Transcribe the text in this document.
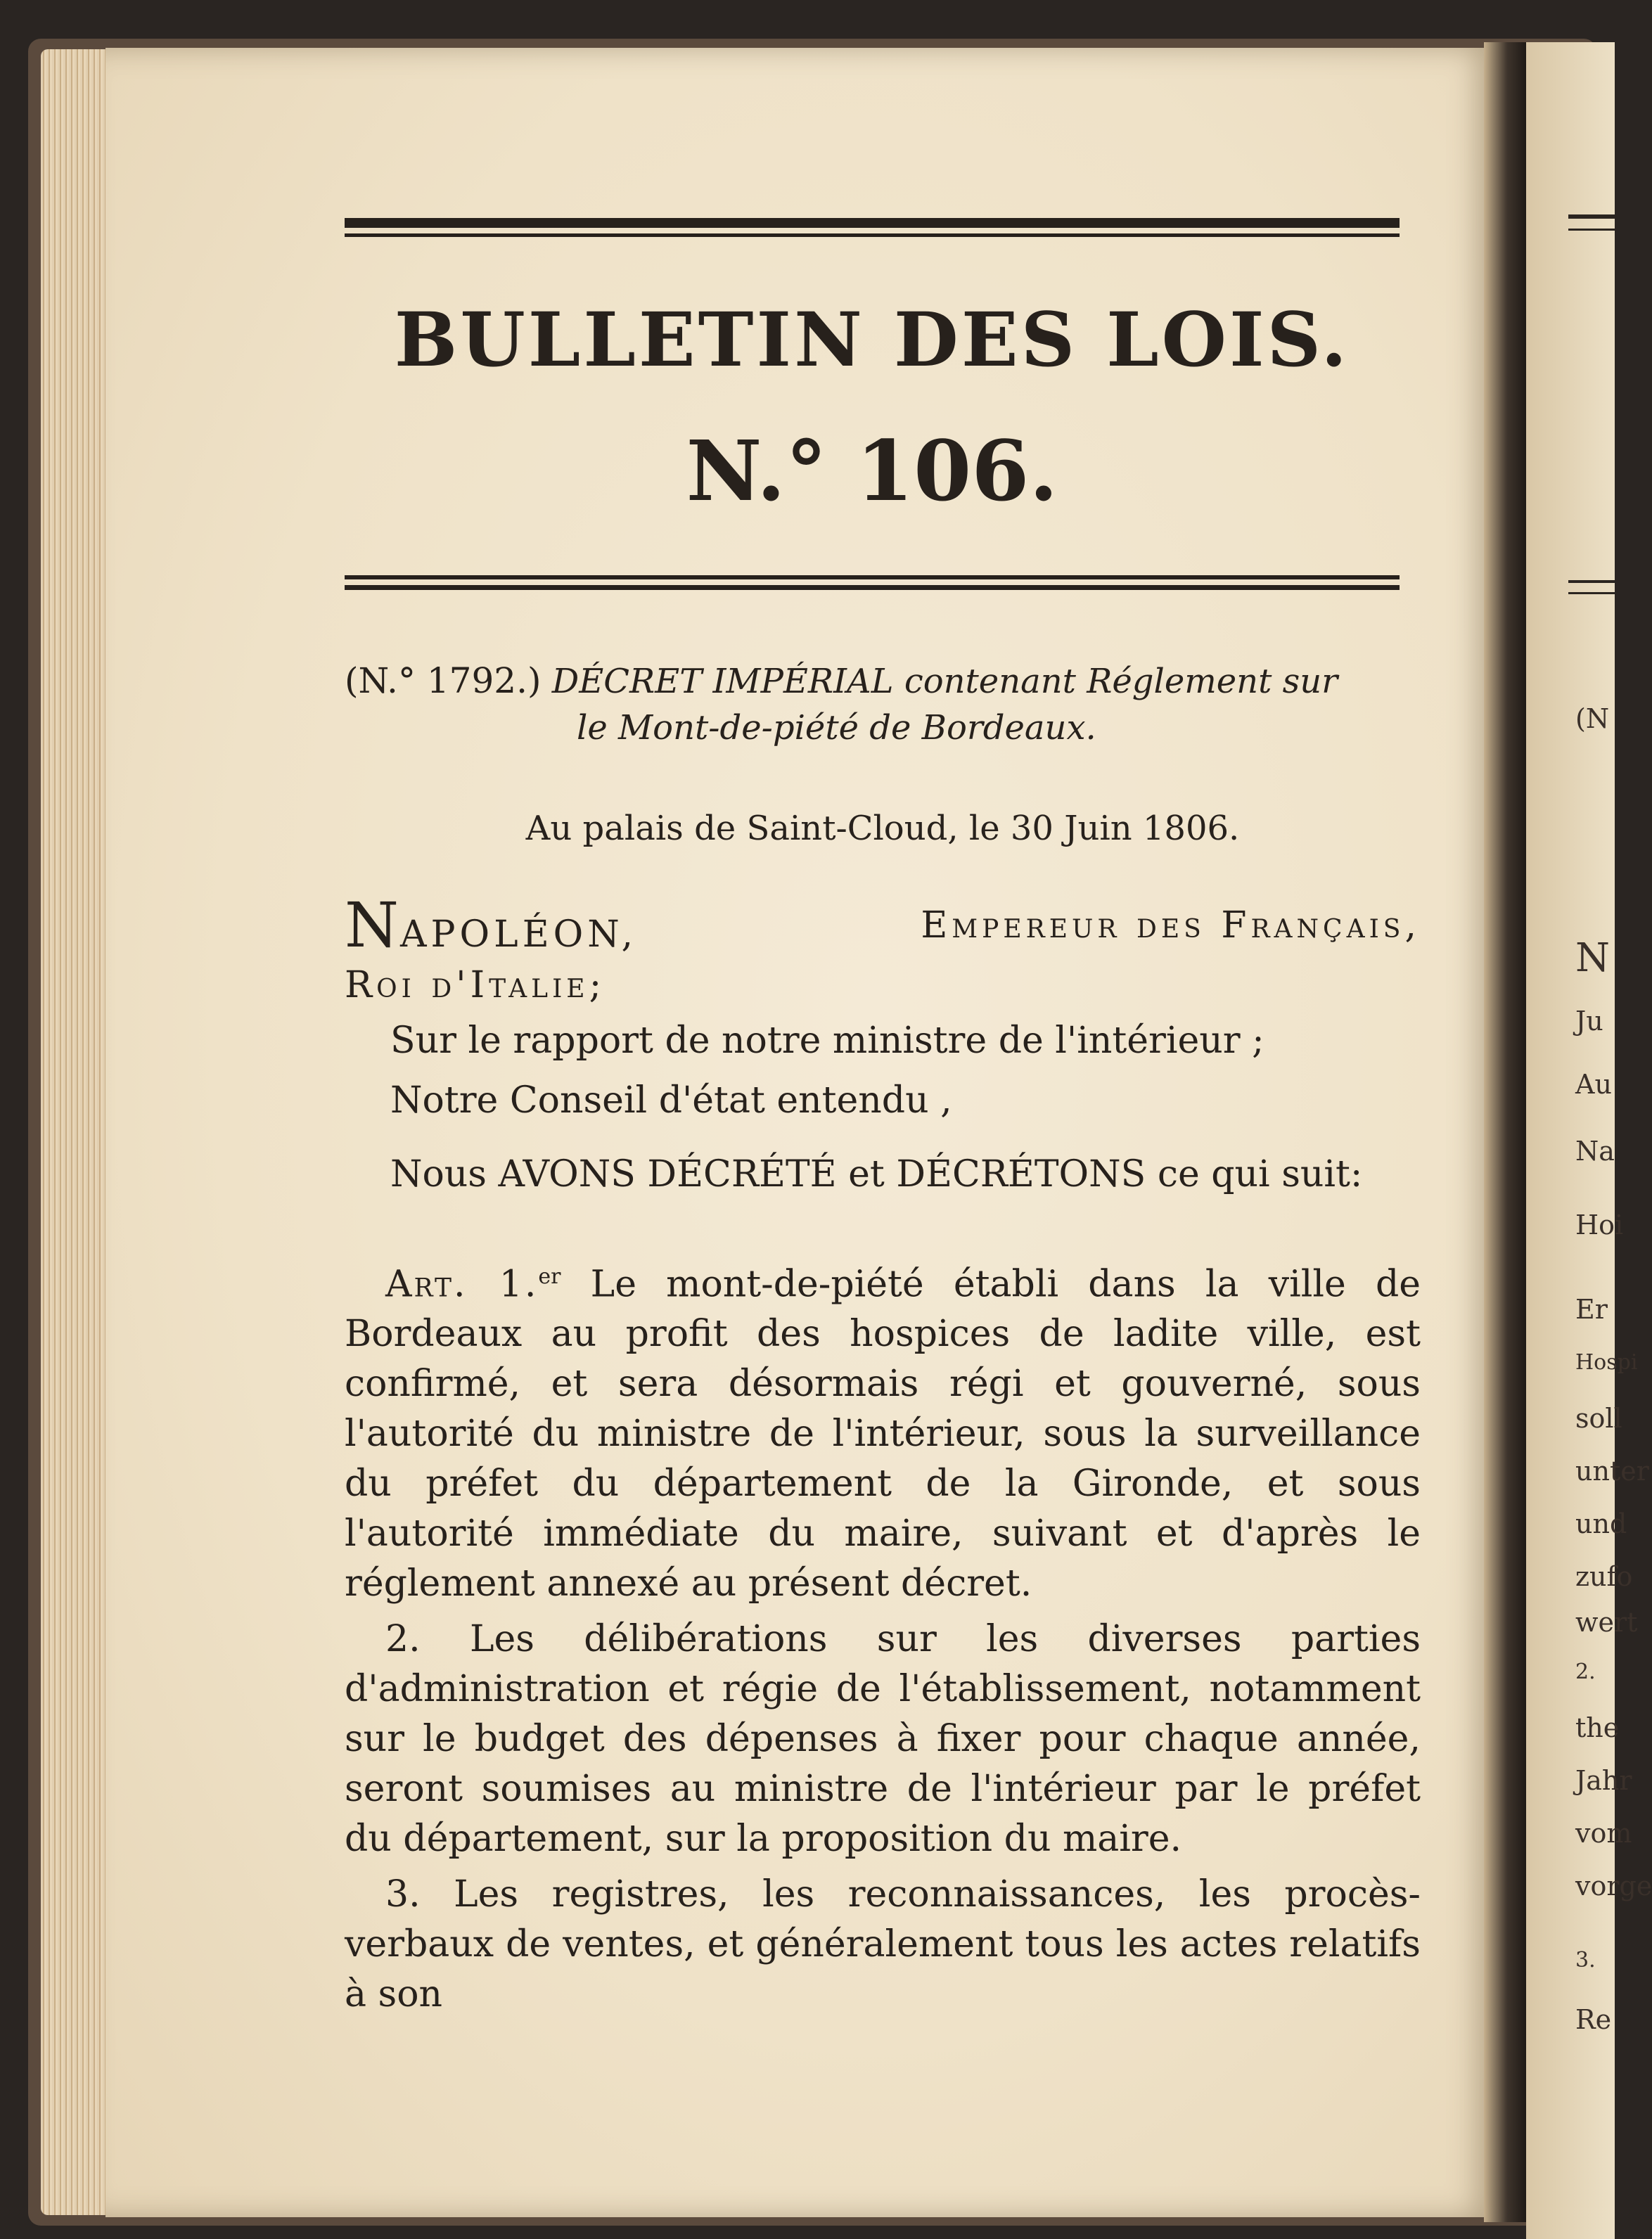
BULLETIN DES LOIS.
N.° 106.
(N.° 1792.) DÉCRET IMPÉRIAL contenant Réglement sur
le Mont-de-piété de Bordeaux.
Au palais de Saint-Cloud, le 30 Juin 1806.
NAPOLÉON,	Empereur des Français,
Roi d'Italie;
Sur le rapport de notre ministre de l'intérieur ;
Notre Conseil d'état entendu ,
Nous AVONS DÉCRÉTÉ et DÉCRÉTONS ce qui suit:

Art. 1.$^{er}$ Le mont-de-piété établi dans la ville de Bordeaux au profit des hospices de ladite ville, est confirmé, et sera désormais régi et gouverné, sous l'autorité du ministre de l'intérieur, sous la surveillance du préfet du département de la Gironde, et sous l'autorité immédiate du maire, suivant et d'après le réglement annexé au présent décret.

2. Les délibérations sur les diverses parties d'administration et régie de l'établissement, notamment sur le budget des dépenses à fixer pour chaque année, seront soumises au ministre de l'intérieur par le préfet du département, sur la proposition du maire.

3. Les registres, les reconnaissances, les procès-verbaux de ventes, et généralement tous les actes relatifs à son

(N
N
Ju
Au
Na
Hoi
Er
Hospi
soll
unter
und
zufo
wert
2.
the
Jahr
vom
vorge
3.
Re
